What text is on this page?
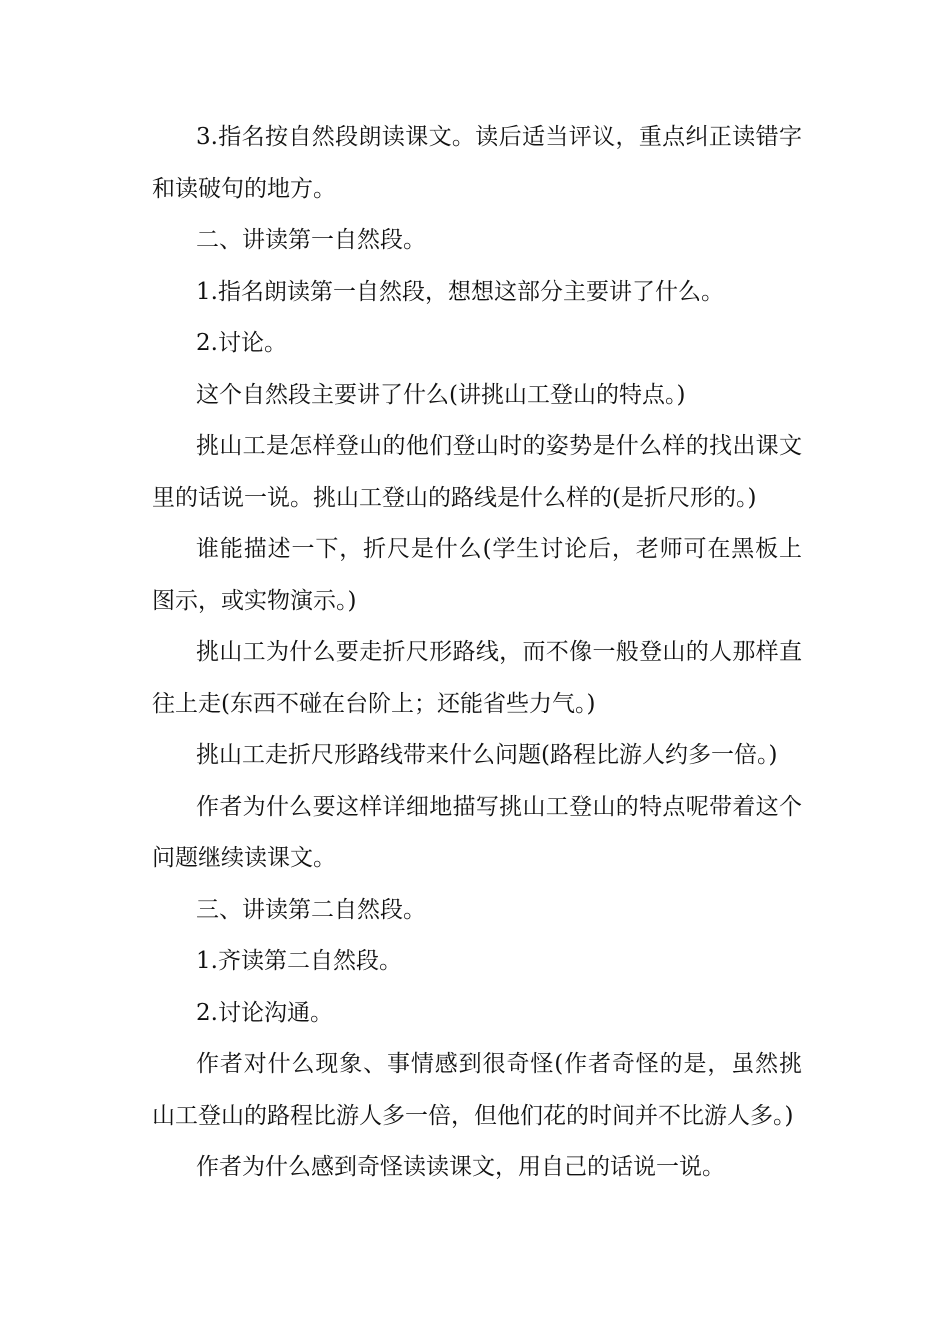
3.指名按自然段朗读课文。读后适当评议，重点纠正读错字和读破句的地方。

二、讲读第一自然段。

1.指名朗读第一自然段，想想这部分主要讲了什么。

2.讨论。

这个自然段主要讲了什么(讲挑山工登山的特点。)

挑山工是怎样登山的他们登山时的姿势是什么样的找出课文里的话说一说。挑山工登山的路线是什么样的(是折尺形的。)

谁能描述一下，折尺是什么(学生讨论后，老师可在黑板上图示，或实物演示。)

挑山工为什么要走折尺形路线，而不像一般登山的人那样直往上走(东西不碰在台阶上；还能省些力气。)

挑山工走折尺形路线带来什么问题(路程比游人约多一倍。)

作者为什么要这样详细地描写挑山工登山的特点呢带着这个问题继续读课文。

三、讲读第二自然段。

1.齐读第二自然段。

2.讨论沟通。

作者对什么现象、事情感到很奇怪(作者奇怪的是，虽然挑山工登山的路程比游人多一倍，但他们花的时间并不比游人多。)

作者为什么感到奇怪读读课文，用自己的话说一说。
